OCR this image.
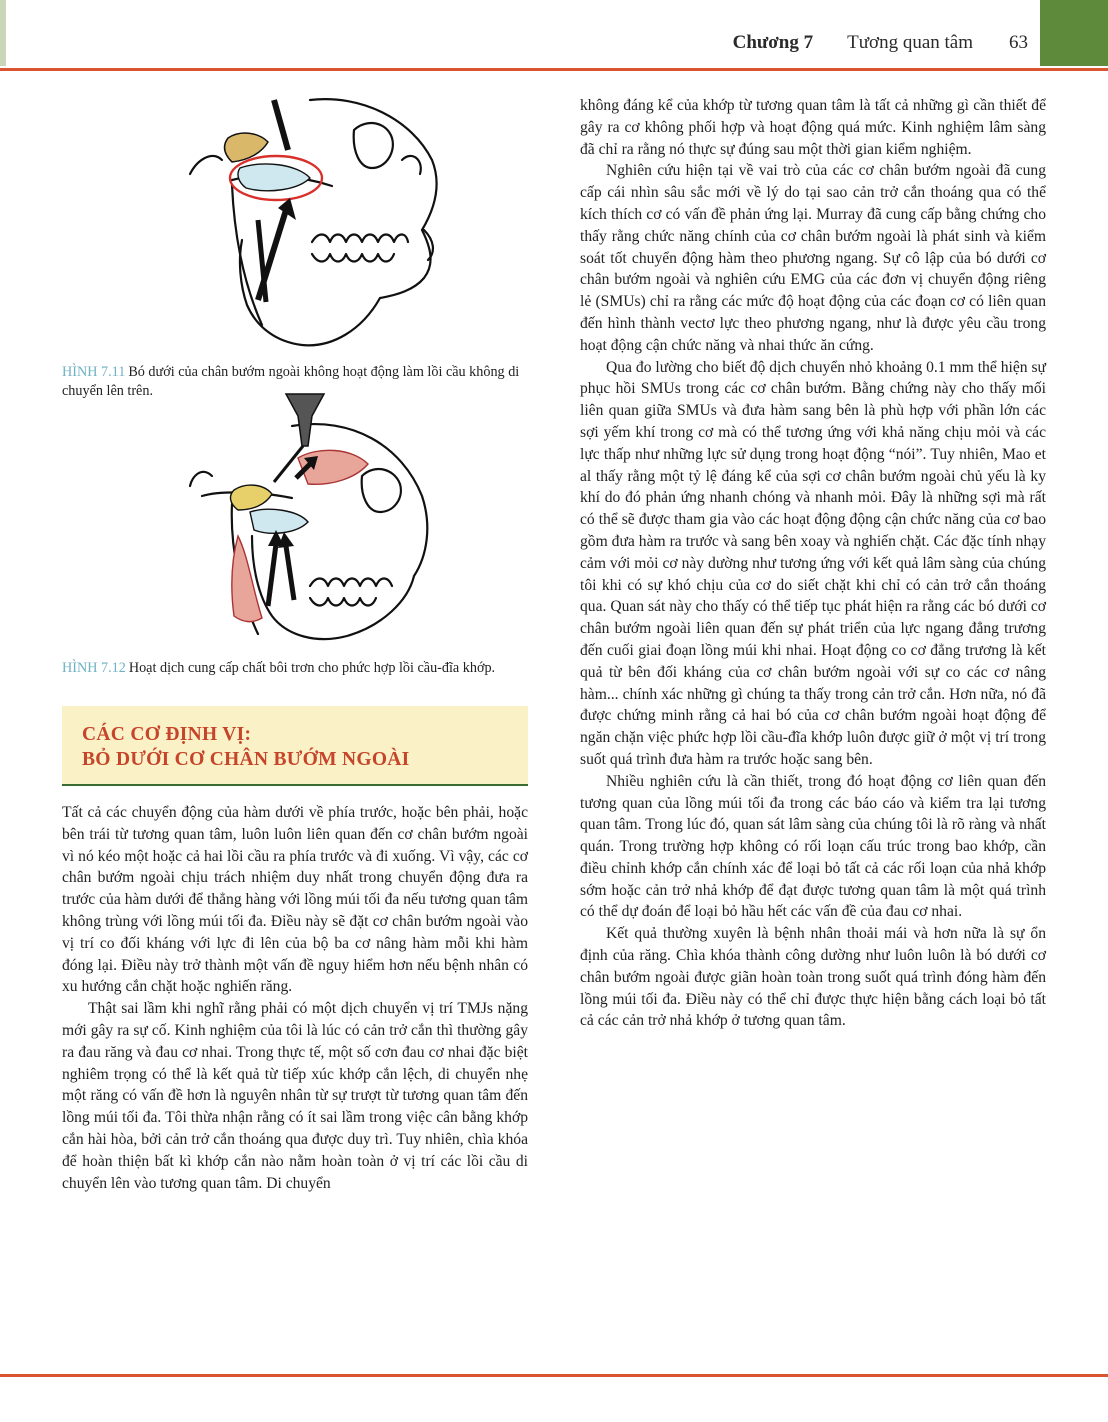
Chương 7 Tương quan tâm 63

HÌNH 7.11 Bó dưới của chân bướm ngoài không hoạt động làm lồi cầu không di chuyển lên trên.

HÌNH 7.12 Hoạt dịch cung cấp chất bôi trơn cho phức hợp lồi cầu-đĩa khớp.

CÁC CƠ ĐỊNH VỊ:

BỎ DƯỚI CƠ CHÂN BƯỚM NGOÀI

Tất cả các chuyển động của hàm dưới về phía trước, hoặc bên phải, hoặc bên trái từ tương quan tâm, luôn luôn liên quan đến cơ chân bướm ngoài vì nó kéo một hoặc cả hai lồi cầu ra phía trước và đi xuống. Vì vậy, các cơ chân bướm ngoài chịu trách nhiệm duy nhất trong chuyển động đưa ra trước của hàm dưới để thẳng hàng với lồng múi tối đa nếu tương quan tâm không trùng với lồng múi tối đa. Điều này sẽ đặt cơ chân bướm ngoài vào vị trí co đối kháng với lực đi lên của bộ ba cơ nâng hàm mỗi khi hàm đóng lại. Điều này trở thành một vấn đề nguy hiểm hơn nếu bệnh nhân có xu hướng cắn chặt hoặc nghiến răng.

Thật sai lầm khi nghĩ rằng phải có một dịch chuyển vị trí TMJs nặng mới gây ra sự cố. Kinh nghiệm của tôi là lúc có cản trở cắn thì thường gây ra đau răng và đau cơ nhai. Trong thực tế, một số cơn đau cơ nhai đặc biệt nghiêm trọng có thể là kết quả từ tiếp xúc khớp cắn lệch, di chuyển nhẹ một răng có vấn đề hơn là nguyên nhân từ sự trượt từ tương quan tâm đến lồng múi tối đa. Tôi thừa nhận rằng có ít sai lầm trong việc cân bằng khớp cắn hài hòa, bởi cản trở cắn thoáng qua được duy trì. Tuy nhiên, chìa khóa để hoàn thiện bất kì khớp cắn nào nằm hoàn toàn ở vị trí các lồi cầu di chuyển lên vào tương quan tâm. Di chuyển

không đáng kể của khớp từ tương quan tâm là tất cả những gì cần thiết để gây ra cơ không phối hợp và hoạt động quá mức. Kinh nghiệm lâm sàng đã chỉ ra rằng nó thực sự đúng sau một thời gian kiểm nghiệm.

Nghiên cứu hiện tại về vai trò của các cơ chân bướm ngoài đã cung cấp cái nhìn sâu sắc mới về lý do tại sao cản trở cắn thoáng qua có thể kích thích cơ có vấn đề phản ứng lại. Murray đã cung cấp bằng chứng cho thấy rằng chức năng chính của cơ chân bướm ngoài là phát sinh và kiểm soát tốt chuyển động hàm theo phương ngang. Sự cô lập của bó dưới cơ chân bướm ngoài và nghiên cứu EMG của các đơn vị chuyển động riêng lẻ (SMUs) chỉ ra rằng các mức độ hoạt động của các đoạn cơ có liên quan đến hình thành vectơ lực theo phương ngang, như là được yêu cầu trong hoạt động cận chức năng và nhai thức ăn cứng.

Qua đo lường cho biết độ dịch chuyển nhỏ khoảng 0.1 mm thể hiện sự phục hồi SMUs trong các cơ chân bướm. Bằng chứng này cho thấy mối liên quan giữa SMUs và đưa hàm sang bên là phù hợp với phần lớn các sợi yếm khí trong cơ mà có thể tương ứng với khả năng chịu mỏi và các lực thấp như những lực sử dụng trong hoạt động “nói”. Tuy nhiên, Mao et al thấy rằng một tỷ lệ đáng kể của sợi cơ chân bướm ngoài chủ yếu là ky khí do đó phản ứng nhanh chóng và nhanh mỏi. Đây là những sợi mà rất có thể sẽ được tham gia vào các hoạt động động cận chức năng của cơ bao gồm đưa hàm ra trước và sang bên xoay và nghiến chặt. Các đặc tính nhạy cảm với mỏi cơ này dường như tương ứng với kết quả lâm sàng của chúng tôi khi có sự khó chịu của cơ do siết chặt khi chỉ có cản trở cắn thoáng qua. Quan sát này cho thấy có thể tiếp tục phát hiện ra rằng các bó dưới cơ chân bướm ngoài liên quan đến sự phát triển của lực ngang đẳng trương đến cuối giai đoạn lồng múi khi nhai. Hoạt động co cơ đẳng trương là kết quả từ bên đối kháng của cơ chân bướm ngoài với sự co các cơ nâng hàm... chính xác những gì chúng ta thấy trong cản trở cắn. Hơn nữa, nó đã được chứng minh rằng cả hai bó của cơ chân bướm ngoài hoạt động để ngăn chặn việc phức hợp lồi cầu-đĩa khớp luôn được giữ ở một vị trí trong suốt quá trình đưa hàm ra trước hoặc sang bên.

Nhiều nghiên cứu là cần thiết, trong đó hoạt động cơ liên quan đến tương quan của lồng múi tối đa trong các báo cáo và kiểm tra lại tương quan tâm. Trong lúc đó, quan sát lâm sàng của chúng tôi là rõ ràng và nhất quán. Trong trường hợp không có rối loạn cấu trúc trong bao khớp, cần điều chỉnh khớp cắn chính xác để loại bỏ tất cả các rối loạn của nhả khớp sớm hoặc cản trở nhả khớp để đạt được tương quan tâm là một quá trình có thể dự đoán để loại bỏ hầu hết các vấn đề của đau cơ nhai.

Kết quả thường xuyên là bệnh nhân thoải mái và hơn nữa là sự ổn định của răng. Chìa khóa thành công dường như luôn luôn là bó dưới cơ chân bướm ngoài được giãn hoàn toàn trong suốt quá trình đóng hàm đến lồng múi tối đa. Điều này có thể chỉ được thực hiện bằng cách loại bỏ tất cả các cản trở nhả khớp ở tương quan tâm.
